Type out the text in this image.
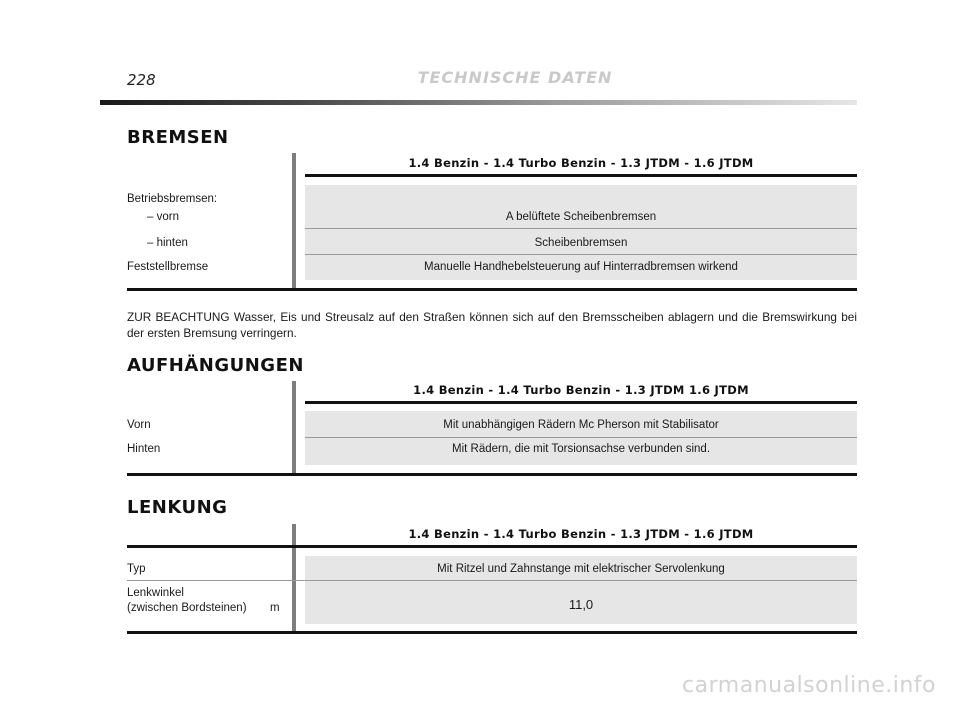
228	TECHNISCHE DATEN
BREMSEN
1.4 Benzin - 1.4 Turbo Benzin - 1.3 JTDM - 1.6 JTDM
Betriebsbremsen:
– vorn	A belüftete Scheibenbremsen
– hinten	Scheibenbremsen
Feststellbremse	Manuelle Handhebelsteuerung auf Hinterradbremsen wirkend

ZUR BEACHTUNG Wasser, Eis und Streusalz auf den Straßen können sich auf den Bremsscheiben ablagern und die Bremswirkung bei der ersten Bremsung verringern.

AUFHÄNGUNGEN
1.4 Benzin - 1.4 Turbo Benzin - 1.3 JTDM 1.6 JTDM
Vorn	Mit unabhängigen Rädern Mc Pherson mit Stabilisator
Hinten	Mit Rädern, die mit Torsionsachse verbunden sind.
LENKUNG
1.4 Benzin - 1.4 Turbo Benzin - 1.3 JTDM - 1.6 JTDM
Typ	Mit Ritzel und Zahnstange mit elektrischer Servolenkung
Lenkwinkel
(zwischen Bordsteinen) m	11,0
carmanualsonline.info
